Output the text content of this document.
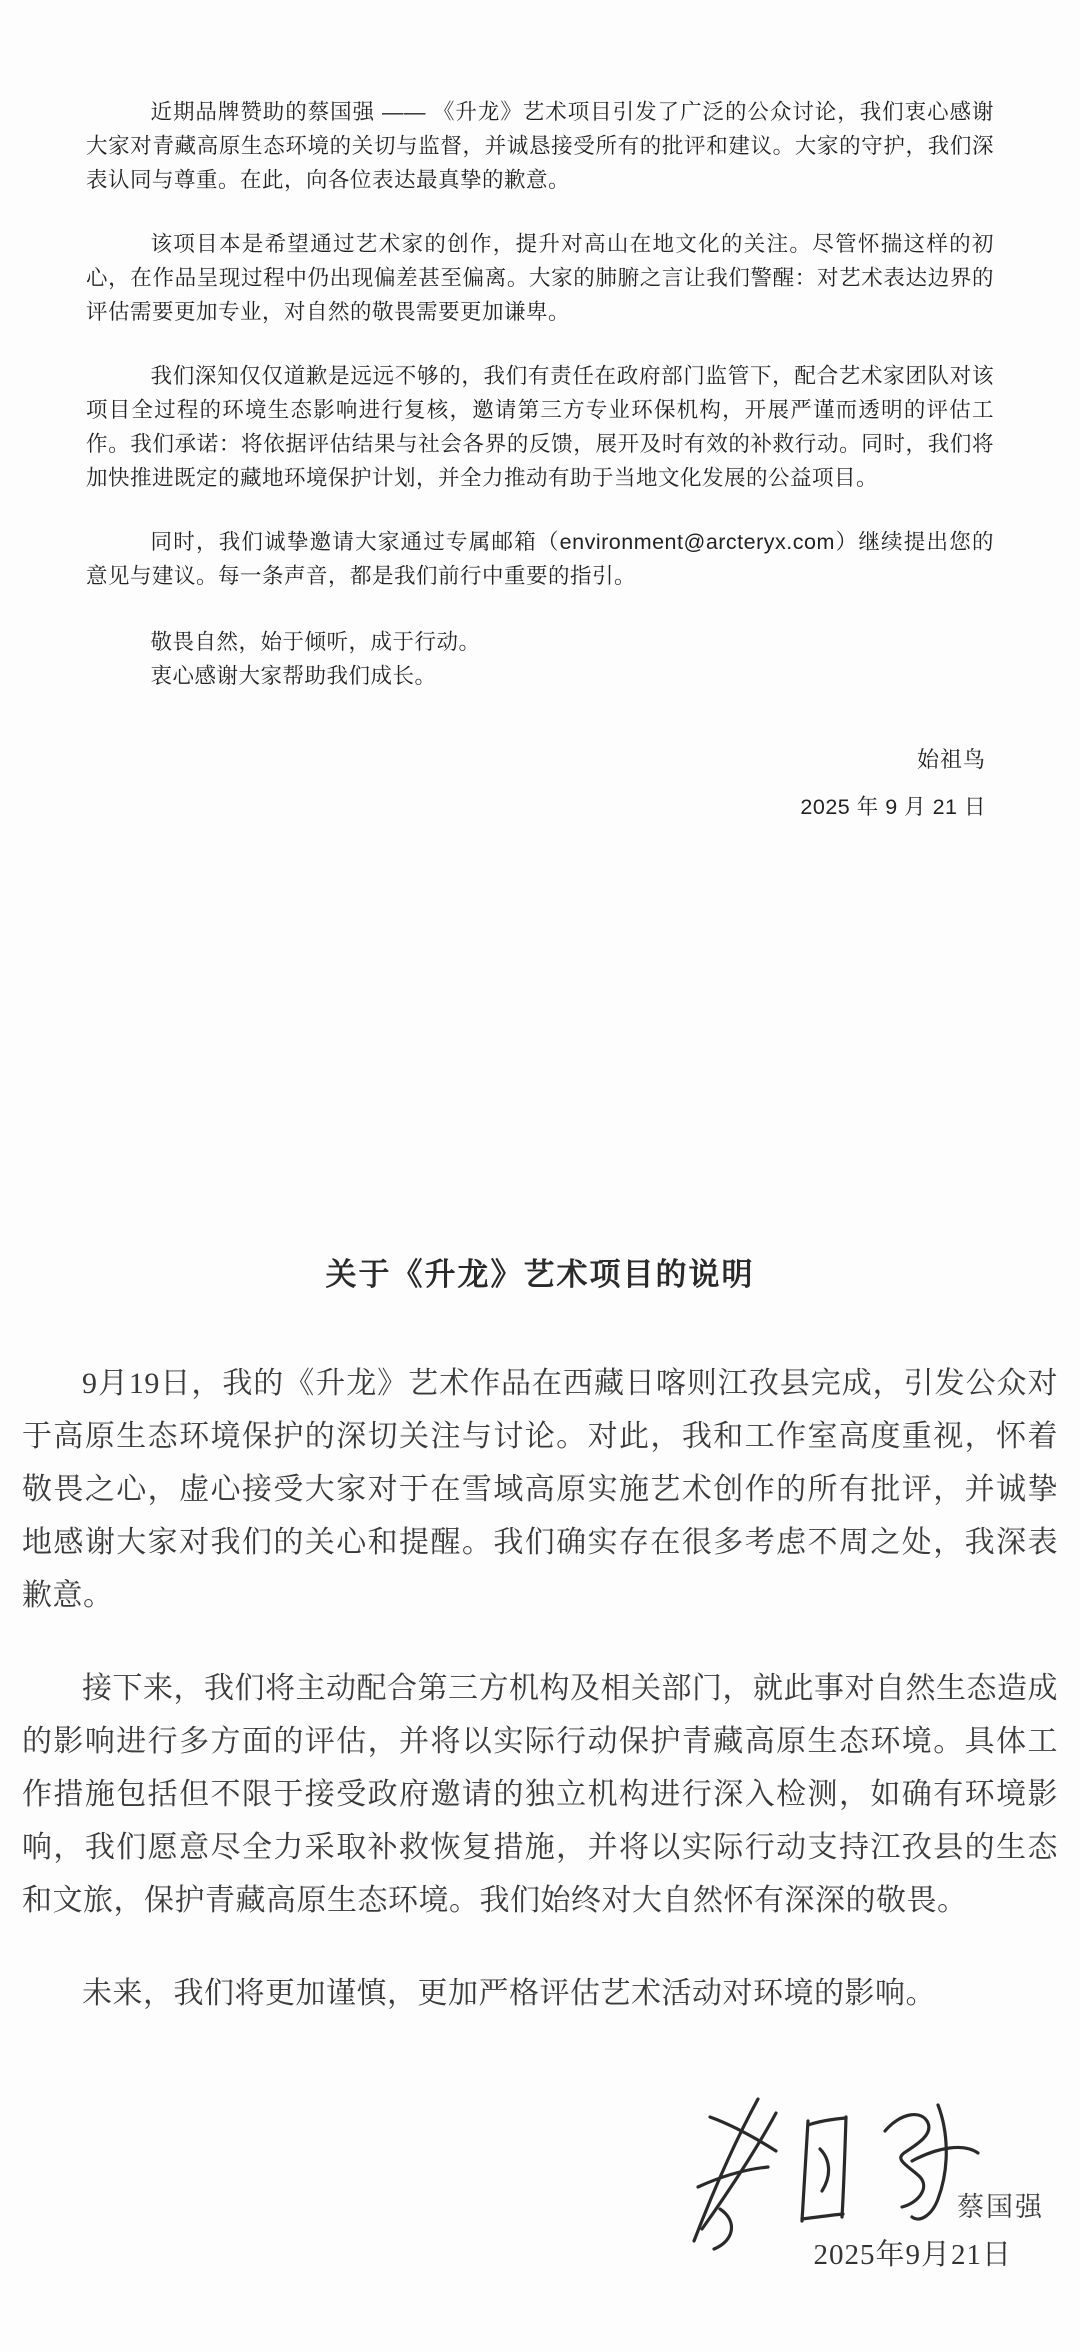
近期品牌赞助的蔡国强 —— 《升龙》艺术项目引发了广泛的公众讨论，我们衷心感谢大家对青藏高原生态环境的关切与监督，并诚恳接受所有的批评和建议。大家的守护，我们深表认同与尊重。在此，向各位表达最真挚的歉意。

该项目本是希望通过艺术家的创作，提升对高山在地文化的关注。尽管怀揣这样的初心，在作品呈现过程中仍出现偏差甚至偏离。大家的肺腑之言让我们警醒：对艺术表达边界的评估需要更加专业，对自然的敬畏需要更加谦卑。

我们深知仅仅道歉是远远不够的，我们有责任在政府部门监管下，配合艺术家团队对该项目全过程的环境生态影响进行复核，邀请第三方专业环保机构，开展严谨而透明的评估工作。我们承诺：将依据评估结果与社会各界的反馈，展开及时有效的补救行动。同时，我们将加快推进既定的藏地环境保护计划，并全力推动有助于当地文化发展的公益项目。

同时，我们诚挚邀请大家通过专属邮箱（environment@arcteryx.com）继续提出您的意见与建议。每一条声音，都是我们前行中重要的指引。

敬畏自然，始于倾听，成于行动。
衷心感谢大家帮助我们成长。
始祖鸟
2025 年 9 月 21 日
关于《升龙》艺术项目的说明

9月19日，我的《升龙》艺术作品在西藏日喀则江孜县完成，引发公众对于高原生态环境保护的深切关注与讨论。对此，我和工作室高度重视，怀着敬畏之心，虚心接受大家对于在雪域高原实施艺术创作的所有批评，并诚挚地感谢大家对我们的关心和提醒。我们确实存在很多考虑不周之处，我深表歉意。

接下来，我们将主动配合第三方机构及相关部门，就此事对自然生态造成的影响进行多方面的评估，并将以实际行动保护青藏高原生态环境。具体工作措施包括但不限于接受政府邀请的独立机构进行深入检测，如确有环境影响，我们愿意尽全力采取补救恢复措施，并将以实际行动支持江孜县的生态和文旅，保护青藏高原生态环境。我们始终对大自然怀有深深的敬畏。

未来，我们将更加谨慎，更加严格评估艺术活动对环境的影响。

蔡国强
2025年9月21日
